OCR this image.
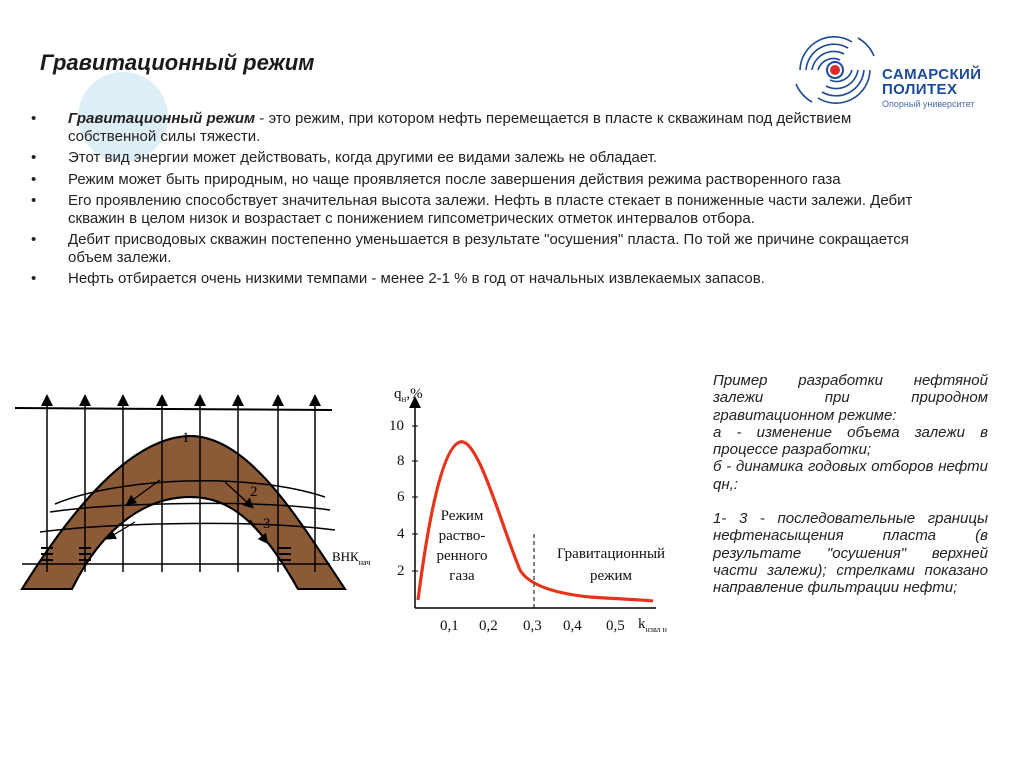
Гравитационный режим	САМАРСКИЙ
ПОЛИТЕХ
Опорный университет
• Гравитационный режим - это режим, при котором нефть перемещается в пласте к скважинам под действием собственной силы тяжести.
• Этот вид энергии может действовать, когда другими ее видами залежь не обладает.
• Режим может быть природным, но чаще проявляется после завершения действия режима растворенного газа
• Его проявлению способствует значительная высота залежи. Нефть в пласте стекает в пониженные части залежи. Дебит скважин в целом низок и возрастает с понижением гипсометрических отметок интервалов отбора.
• Дебит присводовых скважин постепенно уменьшается в результате "осушения" пласта. По той же причине сокращается объем залежи.
• Нефть отбирается очень низкими темпами - менее 2-1 % в год от начальных извлекаемых запасов.
1
2
3
$ВНК_{нач}$
$q_н,\%$
10
8
6
4
2
0,1 0,2 0,3 0,4 0,5 $k_{нзвл н}$
Режим
раство-
ренного
газа
Гравитационный
режим

Пример разработки нефтяной залежи при природном гравитационном режиме:

а - изменение объема залежи в процессе разработки;

б - динамика годовых отборов нефти qн,:

1- 3 - последовательные границы нефтенасыщения пласта (в результате "осушения" верхней части залежи); стрелками показано направление фильтрации нефти;
